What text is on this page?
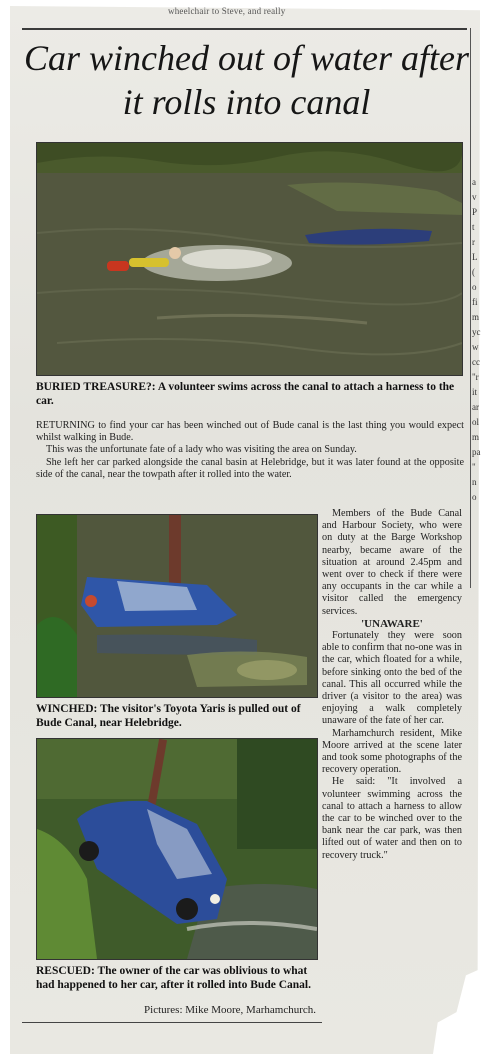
wheelchair to Steve, and really
Car winched out of water after it rolls into canal
BURIED TREASURE?: A volunteer swims across the canal to attach a harness to the car.

RETURNING to find your car has been winched out of Bude canal is the last thing you would expect whilst walking in Bude.

This was the unfortunate fate of a lady who was visiting the area on Sunday.

She left her car parked alongside the canal basin at Helebridge, but it was later found at the opposite side of the canal, near the towpath after it rolled into the water.

WINCHED: The visitor's Toyota Yaris is pulled out of Bude Canal, near Helebridge.
RESCUED: The owner of the car was oblivious to what had happened to her car, after it rolled into Bude Canal.
Pictures: Mike Moore, Marhamchurch.

Members of the Bude Canal and Harbour Society, who were on duty at the Barge Workshop nearby, became aware of the situation at around 2.45pm and went over to check if there were any occupants in the car while a visitor called the emergency services.

'UNAWARE'

Fortunately they were soon able to confirm that no-one was in the car, which floated for a while, before sinking onto the bed of the canal. This all occurred while the driver (a visitor to the area) was enjoying a walk completely unaware of the fate of her car.

Marhamchurch resident, Mike Moore arrived at the scene later and took some photographs of the recovery operation.

He said: "It involved a volunteer swimming across the canal to attach a harness to allow the car to be winched over to the bank near the car park, was then lifted out of water and then on to recovery truck."

a
v
P
t
r
L
(
o
fi
m
yc
w
cc
"r
it
ar
ol
m
pa
"
n
o
